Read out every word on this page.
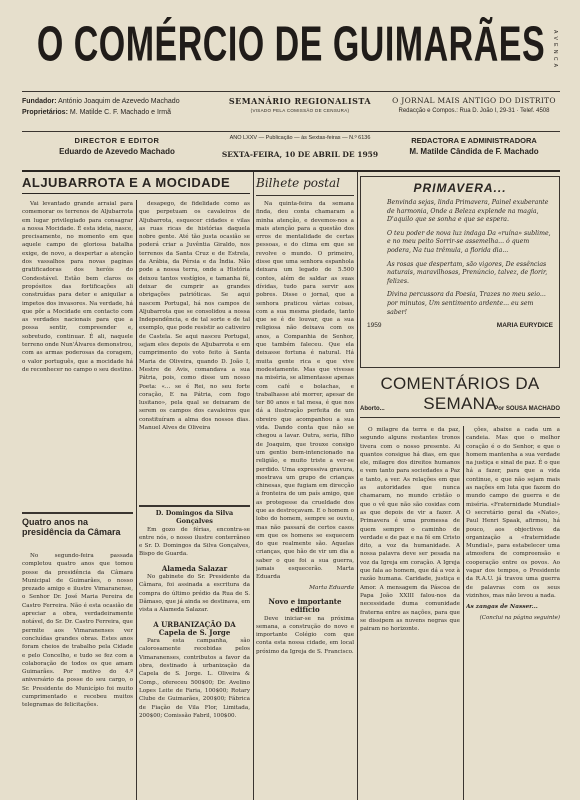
O COMÉRCIO DE GUIMARÃES A V E N C A
Fundador: António Joaquim de Azevedo Machado
Proprietários: M. Matilde C. F. Machado e Irmã
SEMANÁRIO REGIONALISTA
(VISADO PELA COMISSÃO DE CENSURA)
O JORNAL MAIS ANTIGO DO DISTRITO
Redacção e Compos.: Rua D. João I, 29-31 · Telef. 4508
DIRECTOR E EDITOR
Eduardo de Azevedo Machado
ANO LXXV — Publicação — às Sextas-feiras — N.º 6136
SEXTA-FEIRA, 10 DE ABRIL DE 1959
REDACTORA E ADMINISTRADORA
M. Matilde Cândida de F. Machado
ALJUBARROTA E A MOCIDADE

Vai levantado grande arraial para comemorar os terrenos de Aljubarrota em lugar privilegiado para consagrar a nossa Mocidade. É esta ideia, nasce, precisamente, no momento em que aquele campo de gloriosa batalha exige, de novo, a despertar a atenção dos vassalhos para novas paginas gratificadoras dos heróis do Condestável. Estão bem claros os propósitos das fortificações ali construídas para deter e aniquilar a impetos dos invasores. Na verdade, há que pôr a Mocidade em contacto com as verdades nacionais para que a possa sentir, compreender e, sobretudo, continuar. É ali, naquele terreno onde Nun'Álvares demonstrou, com as armas poderosas da coragem, o valor português, que a mocidade há de reconhecer no campo o seu destino.

desapego, de fidelidade como as que perpetuam os cavaleiros de Aljubarrota, esquecer cidades e vilas as ruas ricas de histórias daquela nobre gente. Até tão justa ocasião se poderá criar a Juvêntia Giraldo, nos terrenos da Santa Cruz e de Estrela, da Arábia, da Pérsia e da Índia. Não pode a nossa terra, onde a História deixou tantos vestígios, e tamanha fé, deixar de cumprir as grandes obrigações patrióticas. Se aqui nascem Portugal, há nos campos de Aljubarrota que se consolidou a nossa Independência, e de tal sorte e de tal exemplo, que pode resistir ao cativeiro de Castela. Se aqui nasceu Portugal, sejam eles depois de Aljubarrota e em cumprimento do voto feito à Santa Maria de Oliveira, quando D. João I, Mestre de Avis, comandava a sua Pátria, pois, como disse um nosso Poeta: «... se é Rei, no seu forte coração, E na Pátria, com fogo lusitano», pela qual se deixaram de serem os campos dos cavaleiros que constituíram a alma dos nossos dias. Manuel Alves de Oliveira

Quatro anos na presidência da Câmara

No segundo-feira passada completou quatro anos que tomou posse da presidência da Câmara Municipal de Guimarães, o nosso prezado amigo e ilustre Vimaranense, o Senhor Dr. José Maria Pereira de Castro Ferreira. Não é esta ocasião de apreciar a obra, verdadeiramente notável, do Sr. Dr. Castro Ferreira, que permite aos Vimaranenses ver concluídas grandes obras. Estes anos foram cheios de trabalho pela Cidade e pelo Concelho, e tudo se fez com a colaboração de todos os que amam Guimarães. Por motivo do 4.º aniversário da posse do seu cargo, o Sr. Presidente do Município foi muito cumprimentado e recebeu muitos telegramas de felicitações.

D. Domingos da Silva Gonçalves

Em gozo de férias, encontra-se entre nós, o nosso ilustre conterrâneo e Sr. D. Domingos da Silva Gonçalves, Bispo de Guarda.

Alameda Salazar

No gabinete do Sr. Presidente da Câmara, foi assinada a escritura da compra do último prédio da Rua de S. Dâmaso, que já ainda se destinava, em vista a Alameda Salazar.

A URBANIZAÇÃO DA Capela de S. Jorge

Para esta campanha, são calorosamente recebidas pelos Vimaranenses, contributos a favor da obra, destinado à urbanização da Capela de S. Jorge. L. Oliveira & Comp., ofereceu 500$00; Dr. Avelino Lopes Leite de Faria, 100$00; Rotary Clube de Guimarães, 200$00; Fábrica de Fiação de Vila Flor, Limitada, 200$00; Comissão Fabril, 100$00.

Bilhete postal

Na quinta-feira da semana finda, deu conta chamaram a minha atenção, e devemos-nos a mais atenção para a questão dos erros de mentalidade de certas pessoas, e do clima em que se revolve o mundo. O primeiro, disse que uma senhora espanhola deixara um legado de 5.500 contos, além de saldar as suas dívidas, tudo para servir aos pobres. Disse o jornal, que a senhora praticou várias coisas, com a sua mesma piedade, tanto que se é de louvar, que a sua religiosa não deixava com os anos, a Companhia de Senhor, que também faleceu. Que ela deixasse fortuna é natural. Há muita gente rica e que vive modestamente. Mas que vivesse na miséria, se alimentasse apenas com café e bolachas, e trabalhasse até morrer, apesar de ter 80 anos e tal mesa, é que nos dá a ilustração perfeita de um obreiro que acompanhou a sua vida. Dando conta que não se chegou a lavar. Outra, seria, filho de Joaquim, que trouxe consigo um gentio bem-intencionado na religião, e muito triste a ver-se perdido. Uma expressiva gravura, mostrava um grupo de crianças chinesas, que fugiam em direcção à fronteira de um país amigo, que as protegesse da crueldade dos que as destroçavam. E o homem o lobo do homem, sempre se ouviu, mas não passará de certos casos em que os homens se esquecem do que realmente são. Aquelas crianças, que hão de vir um dia a saber o que foi a sua guerra, jamais esquecerão. Marta Eduarda

Marta Eduarda
Novo e importante edifício

Deve iniciar-se na próxima semana, a construção do novo e importante Colégio com que conta esta nossa cidade, em local próximo da Igreja de S. Francisco.

PRIMAVERA...
Benvinda sejas, linda Primavera, Painel exuberante de harmonia, Onde a Beleza explende na magia, D'aquilo que se sonha e que se espera.
O teu poder de nova luz indaga Da «ruína» sublime, e no meu peito Sorrir-se assemelha... ó quem podera, Na tua trêmula, a florida dia...
As rosas que despertam, são vigores, De essências naturais, maravilhosas, Prenúncio, talvez, de florir, felizes.
Divina percussora da Poesia, Trazes no meu seio... por minutos, Um sentimento ardente... eu sem saber!
1959	MARIA EURYDICE
COMENTÁRIOS DA SEMANA
Aborto...	Por SOUSA MACHADO

O milagre da terra e da paz, segundo alguns restantes tronos tivera com o nosso presente. Ai quantos consigue há dias, em que ele, milagre dos direitos humanos e vem tanto para sociedades a Paz e tanto, a ver. As relações em que as autoridades que nunca chamaram, no mundo cristão o que o vê que não são cosidas com as que depois de vir a fazer. A Primavera é uma promessa de quem sempre o caminho de verdade e de paz e na fé em Cristo dito, a voz da humanidade. A nossa palavra deve ser pesada na voz da Igreja em coração. A Igreja que fala ao homem, que dá a voz à razão humana. Caridade, justiça e Amor. A mensagem da Páscoa de Papa João XXIII falou-nos da necessidade duma comunidade fraterna entre as nações, para que se dissipem as nuvens negras que pairam no horizonte.

ções, abaixe a cada um a candeia. Mas que o melhor coração é o do Senhor, e que o homem mantenha a sua verdade na justiça e sinal de paz. É o que há a fazer, para que a vida continue, e que não sejam mais as nações em luta que fazem do mundo campo de guerra e de miséria. «Fraternidade Mundial» O secretário geral da «Nato», Paul Henri Spaak, afirmou, há pouco, aos objectivos da organização a «fraternidade Mundial», para estabelecer uma atmosfera de compreensão e cooperação entre os povos. Ao vagar dos tempos, o Presidente da R.A.U. já travou uma guerra de palavras com os seus vizinhos, mas não levou a nada.

As zangas de Nasser...
(Conclui na página seguinte)
